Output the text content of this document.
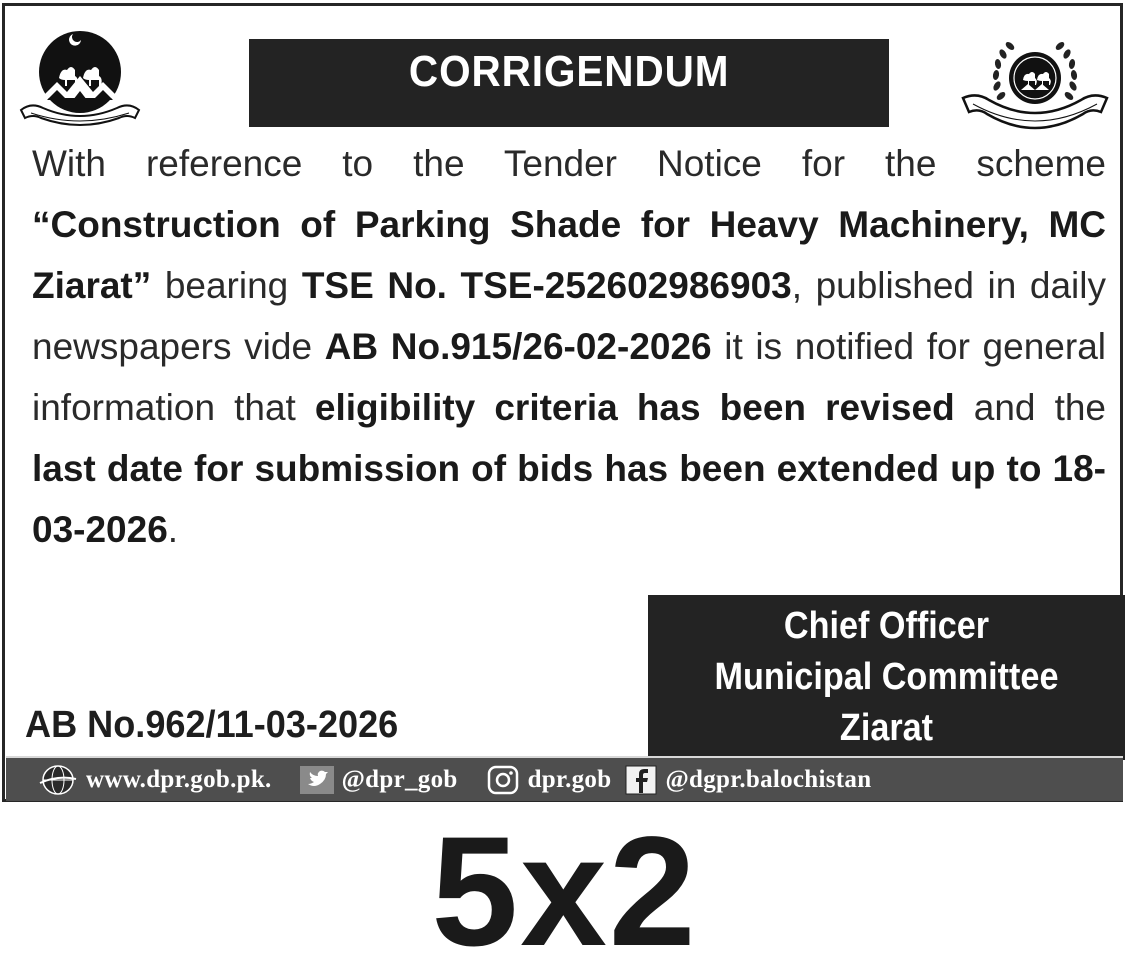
CORRIGENDUM
With reference to the Tender Notice for the scheme “Construction of Parking Shade for Heavy Machinery, MC Ziarat” bearing TSE No. TSE-252602986903, published in daily newspapers vide AB No.915/26-02-2026 it is notified for general information that eligibility criteria has been revised and the last date for submission of bids has been extended up to 18-03-2026.
AB No.962/11-03-2026
Chief Officer
Municipal Committee
Ziarat
www.dpr.gob.pk.	@dpr_gob	dpr.gob @dgpr.balochistan
5x2
